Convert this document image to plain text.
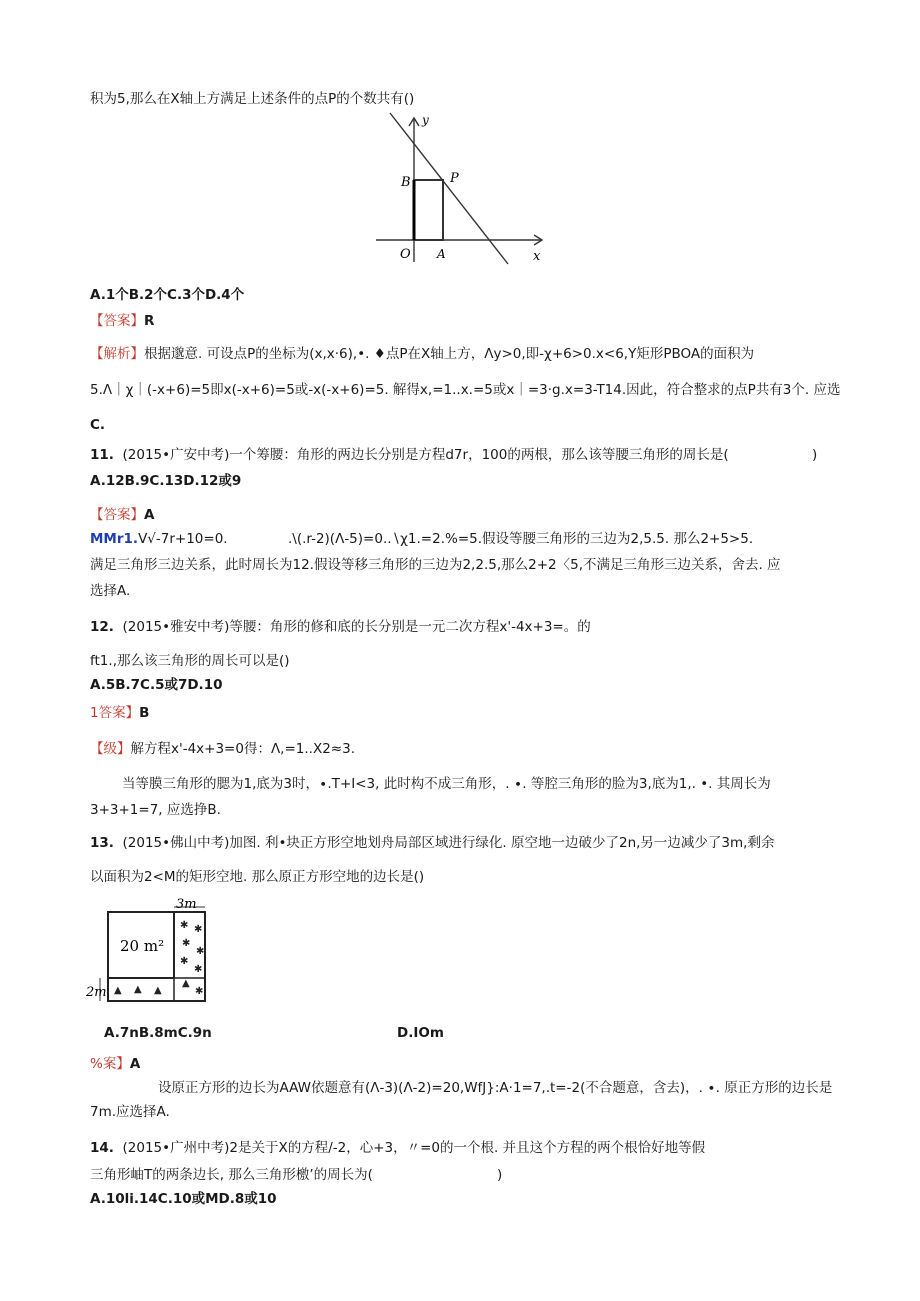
积为5,那么在X轴上方满足上述条件的点P的个数共有()
y
x
O A
B	P
A.1个B.2个C.3个D.4个
【答案】R
【解析】根据邈意. 可设点P的坐标为(x,x·6),•. ♦点P在X轴上方，Λy>0,即-χ+6>0.x<6,Y矩形PBOA的面积为
5.Λ｜χ｜(-x+6)=5即x(-x+6)=5或-x(-x+6)=5. 解得x,=1..x.=5或x｜=3·g.x=3-T14.因此，符合整求的点P共有3个. 应选
C.
11. (2015•广安中考)一个筹腰：角形的两边长分别是方程d7r，100的两根，那么该等腰三角形的周长是(	)
A.12B.9C.13D.12或9
【答案】A
MMr1.V√-7r+10=0.	.\(.r-2)(Λ-5)=0..∖χ1.=2.%=5.假设等腰三角形的三边为2,5.5. 那么2+5>5.
满足三角形三边关系，此时周长为12.假设等移三角形的三边为2,2.5,那么2+2〈5,不满足三角形三边关系，舍去. 应
选择A.
12. (2015•雅安中考)等腰：角形的修和底的长分别是一元二次方程x'-4x+3=。的
ft1.,那么该三角形的周长可以是()
A.5B.7C.5或7D.10
1答案】B
【级】解方程x'-4x+3=0得：Λ,=1..X2≈3.
当等膜三角形的腮为1,底为3时，∙.T+I<3, 此时构不成三角形，. ∙. 等腔三角形的脸为3,底为1,. •. 其周长为
3+3+1=7, 应选挣B.
13. (2015•佛山中考)加图. 利•块正方形空地划舟局部区域进行绿化. 原空地一边破少了2n,另一边减少了3m,剩余
以面积为2<M的矩形空地. 那么原正方形空地的边长是()
20 m²
3m
2m
✱ ✱
✱
✱
✱
✱
▲
✱
▲ ▲ ▲
A.7nB.8mC.9n	D.IOm
%案】A
设原正方形的边长为AAW依题意有(Λ-3)(Λ-2)=20,WfJ}:A·1=7,.t=-2(不合题意，含去)，. ∙. 原正方形的边长是
7m.应选择A.
14. (2015•广州中考)2是关于X的方程/-2，心+3，〃=0的一个根. 并且这个方程的两个根恰好地等假
三角形岫T的两条边长, 那么三角形檄’的周长为(	)
A.10li.14C.10或MD.8或10
